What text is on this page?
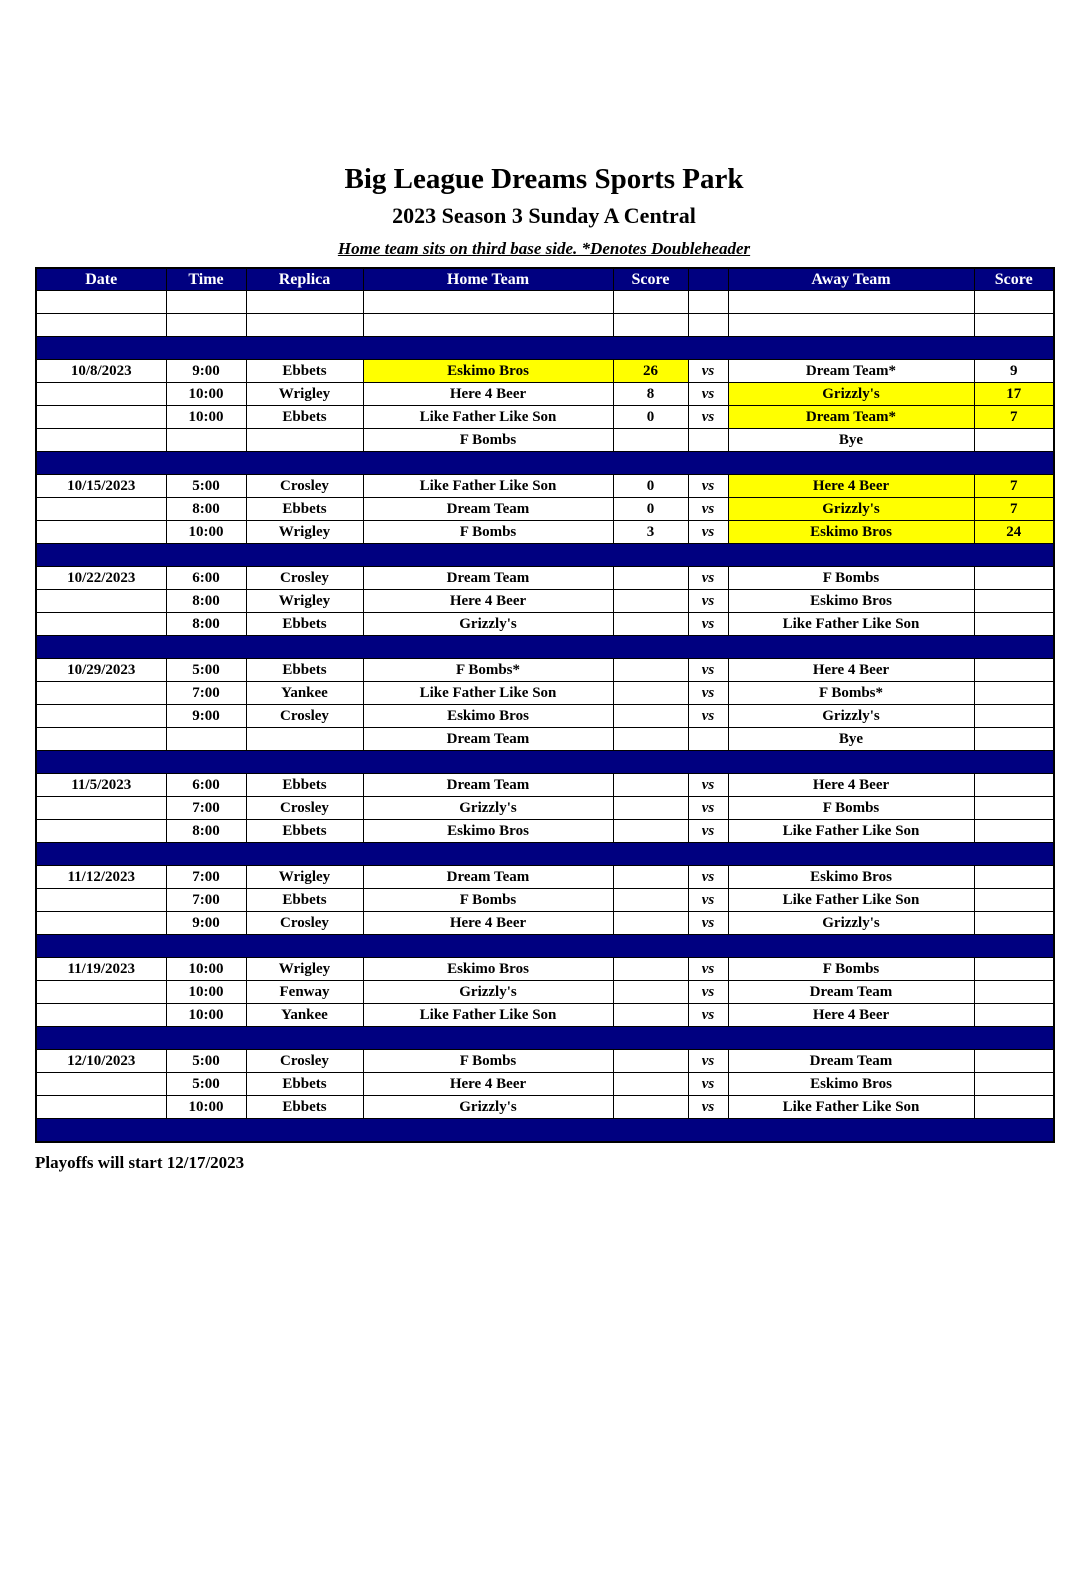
Big League Dreams Sports Park
2023 Season 3 Sunday A Central
Home team sits on third base side. *Denotes Doubleheader
Date	Time	Replica	Home Team	Score		Away Team	Score

10/8/2023	9:00	Ebbets	Eskimo Bros	26	vs	Dream Team*	9
	10:00	Wrigley	Here 4 Beer	8	vs	Grizzly's	17
	10:00	Ebbets	Like Father Like Son	0	vs	Dream Team*	7
			F Bombs			Bye	

10/15/2023	5:00	Crosley	Like Father Like Son	0	vs	Here 4 Beer	7
	8:00	Ebbets	Dream Team	0	vs	Grizzly's	7
	10:00	Wrigley	F Bombs	3	vs	Eskimo Bros	24

10/22/2023	6:00	Crosley	Dream Team		vs	F Bombs	
	8:00	Wrigley	Here 4 Beer		vs	Eskimo Bros	
	8:00	Ebbets	Grizzly's		vs	Like Father Like Son	

10/29/2023	5:00	Ebbets	F Bombs*		vs	Here 4 Beer	
	7:00	Yankee	Like Father Like Son		vs	F Bombs*	
	9:00	Crosley	Eskimo Bros		vs	Grizzly's	
			Dream Team			Bye	

11/5/2023	6:00	Ebbets	Dream Team		vs	Here 4 Beer	
	7:00	Crosley	Grizzly's		vs	F Bombs	
	8:00	Ebbets	Eskimo Bros		vs	Like Father Like Son	

11/12/2023	7:00	Wrigley	Dream Team		vs	Eskimo Bros	
	7:00	Ebbets	F Bombs		vs	Like Father Like Son	
	9:00	Crosley	Here 4 Beer		vs	Grizzly's	

11/19/2023	10:00	Wrigley	Eskimo Bros		vs	F Bombs	
	10:00	Fenway	Grizzly's		vs	Dream Team	
	10:00	Yankee	Like Father Like Son		vs	Here 4 Beer	

12/10/2023	5:00	Crosley	F Bombs		vs	Dream Team	
	5:00	Ebbets	Here 4 Beer		vs	Eskimo Bros	
	10:00	Ebbets	Grizzly's		vs	Like Father Like Son	

Playoffs will start 12/17/2023
